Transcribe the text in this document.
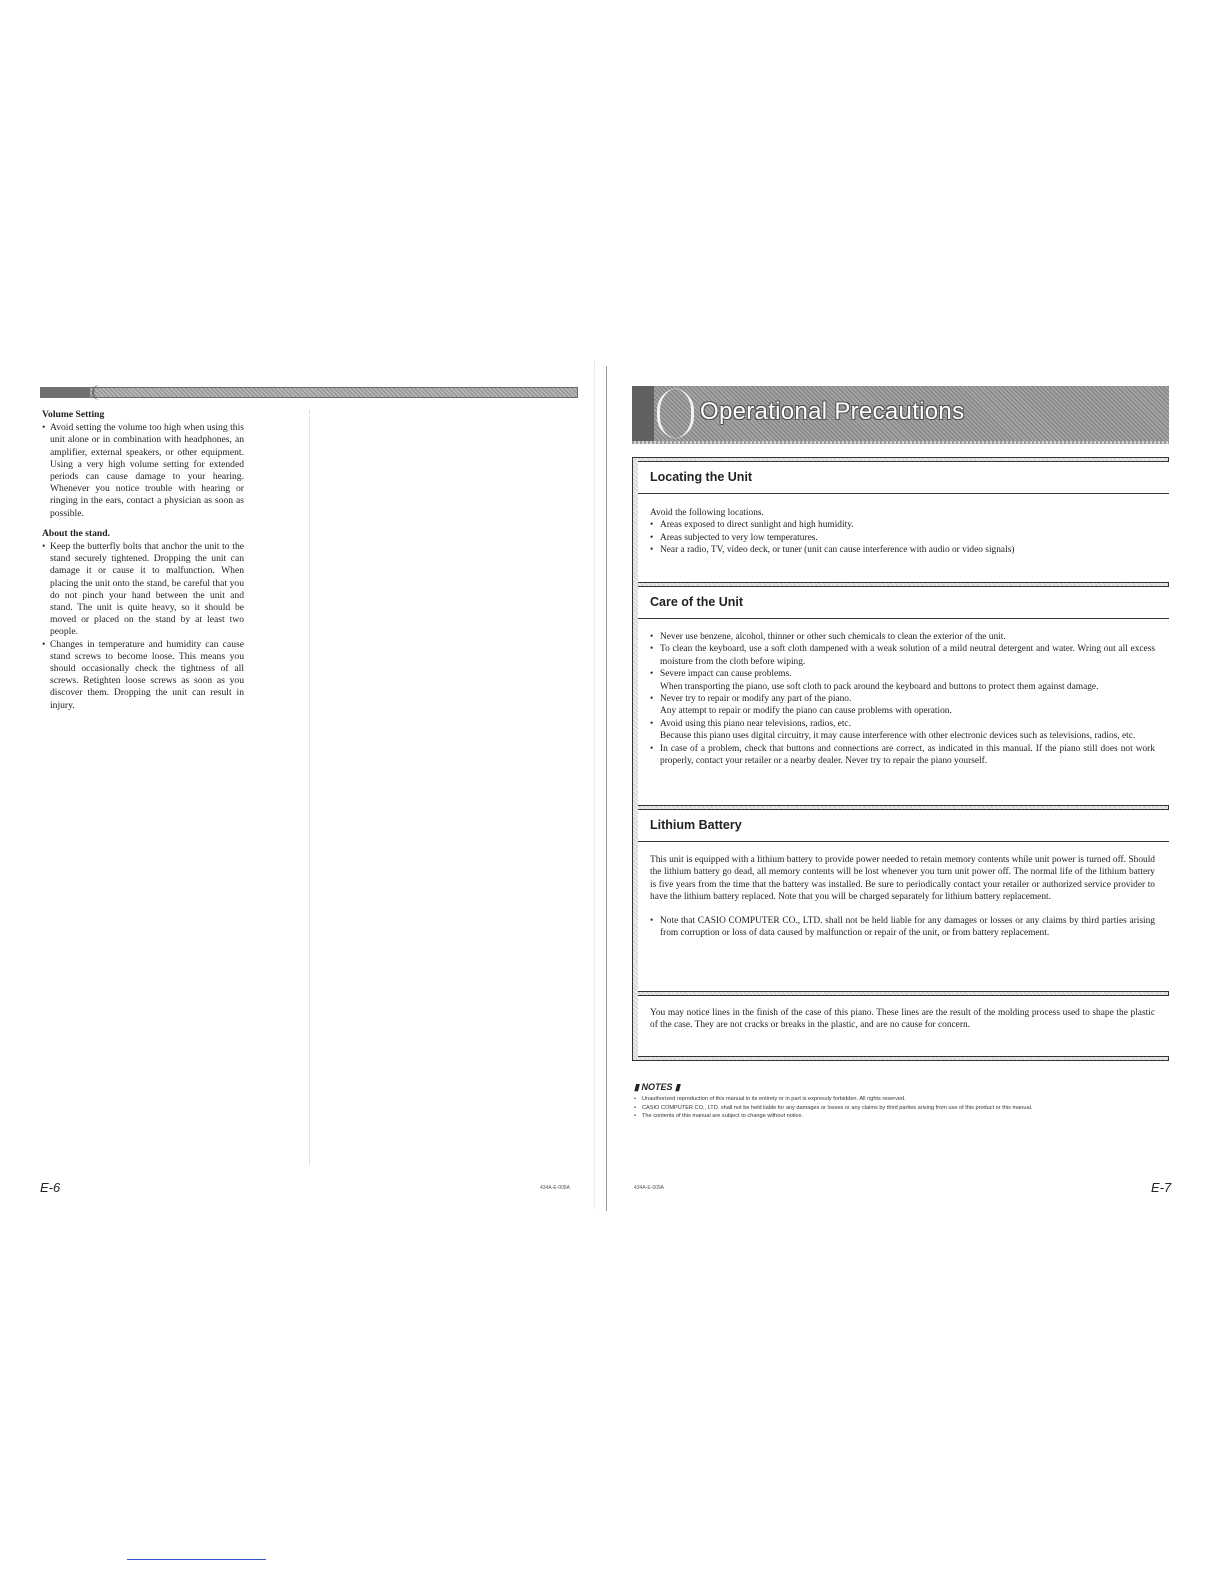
Volume Setting
• Avoid setting the volume too high when using this unit alone or in combination with headphones, an amplifier, external speakers, or other equipment. Using a very high volume setting for extended periods can cause damage to your hearing. Whenever you notice trouble with hearing or ringing in the ears, contact a physician as soon as possible.
About the stand.
• Keep the butterfly bolts that anchor the unit to the stand securely tightened. Dropping the unit can damage it or cause it to malfunction. When placing the unit onto the stand, be careful that you do not pinch your hand between the unit and stand. The unit is quite heavy, so it should be moved or placed on the stand by at least two people.
• Changes in temperature and humidity can cause stand screws to become loose. This means you should occasionally check the tightness of all screws. Retighten loose screws as soon as you discover them. Dropping the unit can result in injury.
E-6	434A-E-008A
Operational Precautions
Locating the Unit

Avoid the following locations.

• Areas exposed to direct sunlight and high humidity.
• Areas subjected to very low temperatures.
• Near a radio, TV, video deck, or tuner (unit can cause interference with audio or video signals)
Care of the Unit
• Never use benzene, alcohol, thinner or other such chemicals to clean the exterior of the unit.
• To clean the keyboard, use a soft cloth dampened with a weak solution of a mild neutral detergent and water. Wring out all excess moisture from the cloth before wiping.
• Severe impact can cause problems.
When transporting the piano, use soft cloth to pack around the keyboard and buttons to protect them against damage.
• Never try to repair or modify any part of the piano.
Any attempt to repair or modify the piano can cause problems with operation.
• Avoid using this piano near televisions, radios, etc.
Because this piano uses digital circuitry, it may cause interference with other electronic devices such as televisions, radios, etc.
• In case of a problem, check that buttons and connections are correct, as indicated in this manual. If the piano still does not work properly, contact your retailer or a nearby dealer. Never try to repair the piano yourself.
Lithium Battery

This unit is equipped with a lithium battery to provide power needed to retain memory contents while unit power is turned off. Should the lithium battery go dead, all memory contents will be lost whenever you turn unit power off. The normal life of the lithium battery is five years from the time that the battery was installed. Be sure to periodically contact your retailer or authorized service provider to have the lithium battery replaced. Note that you will be charged separately for lithium battery replacement.

• Note that CASIO COMPUTER CO., LTD. shall not be held liable for any damages or losses or any claims by third parties arising from corruption or loss of data caused by malfunction or repair of the unit, or from battery replacement.

You may notice lines in the finish of the case of this piano. These lines are the result of the molding process used to shape the plastic of the case. They are not cracks or breaks in the plastic, and are no cause for concern.

▮ NOTES ▮
• Unauthorized reproduction of this manual in its entirety or in part is expressly forbidden. All rights reserved.
• CASIO COMPUTER CO., LTD. shall not be held liable for any damages or losses or any claims by third parties arising from use of this product or this manual.
• The contents of this manual are subject to change without notice.
434A-E-009A	E-7
